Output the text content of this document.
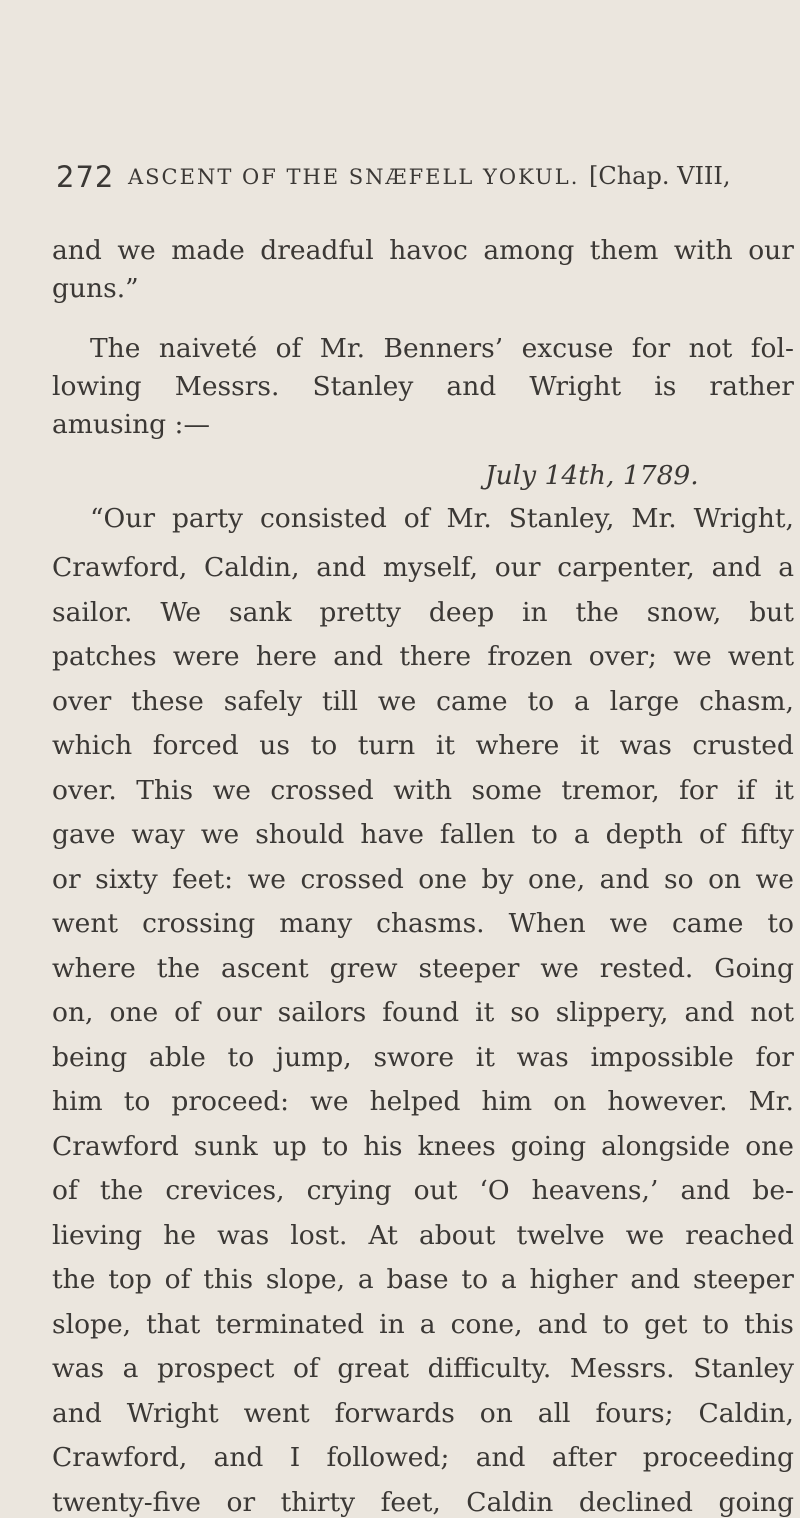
272 ASCENT OF THE SNÆFELL YOKUL. [Chap. VIII,
and we made dreadful havoc among them with our
guns.”
The naiveté of Mr. Benners’ excuse for not fol-
lowing Messrs. Stanley and Wright is rather
amusing :—
July 14th, 1789.
“Our party consisted of Mr. Stanley, Mr. Wright,
Crawford, Caldin, and myself, our carpenter, and a
sailor. We sank pretty deep in the snow, but
patches were here and there frozen over; we went
over these safely till we came to a large chasm,
which forced us to turn it where it was crusted
over. This we crossed with some tremor, for if it
gave way we should have fallen to a depth of fifty
or sixty feet: we crossed one by one, and so on we
went crossing many chasms. When we came to
where the ascent grew steeper we rested. Going
on, one of our sailors found it so slippery, and not
being able to jump, swore it was impossible for
him to proceed: we helped him on however. Mr.
Crawford sunk up to his knees going alongside one
of the crevices, crying out ‘O heavens,’ and be-
lieving he was lost. At about twelve we reached
the top of this slope, a base to a higher and steeper
slope, that terminated in a cone, and to get to this
was a prospect of great difficulty. Messrs. Stanley
and Wright went forwards on all fours; Caldin,
Crawford, and I followed; and after proceeding
twenty-five or thirty feet, Caldin declined going
